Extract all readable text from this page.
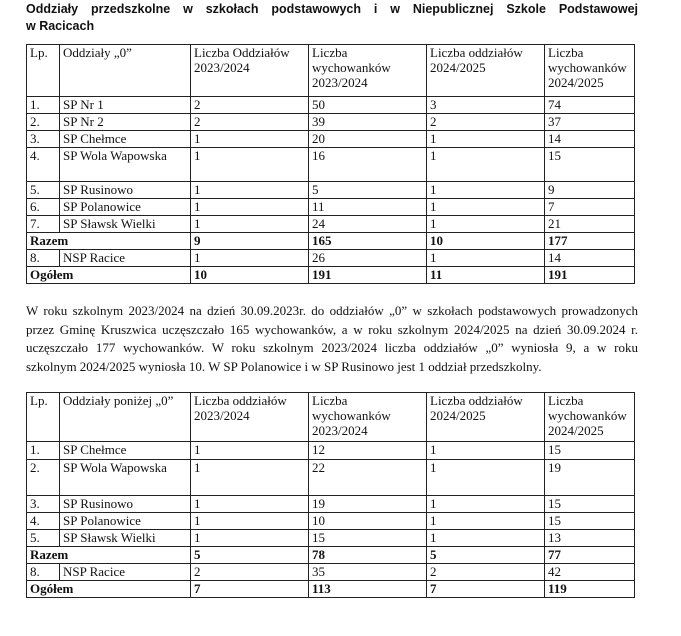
Oddziały przedszkolne w szkołach podstawowych i w Niepublicznej Szkole Podstawowej
w Racicach
Lp.	Oddziały „0”	Liczba Oddziałów 2023/2024	Liczba wychowanków 2023/2024	Liczba oddziałów 2024/2025	Liczba wychowanków 2024/2025
1.	SP Nr 1	2	50	3	74
2.	SP Nr 2	2	39	2	37
3.	SP Chełmce	1	20	1	14
4.	SP Wola Wapowska	1	16	1	15
5.	SP Rusinowo	1	5	1	9
6.	SP Polanowice	1	11	1	7
7.	SP Sławsk Wielki	1	24	1	21
Razem		9	165	10	177
8.	NSP Racice	1	26	1	14
Ogółem		10	191	11	191
W roku szkolnym 2023/2024 na dzień 30.09.2023r. do oddziałów „0” w szkołach podstawowych prowadzonych
przez Gminę Kruszwica uczęszczało 165 wychowanków, a w roku szkolnym 2024/2025 na dzień 30.09.2024 r.
uczęszczało 177 wychowanków. W roku szkolnym 2023/2024 liczba oddziałów „0” wyniosła 9, a w roku
szkolnym 2024/2025 wyniosła 10. W SP Polanowice i w SP Rusinowo jest 1 oddział przedszkolny.
Lp.	Oddziały poniżej „0”	Liczba oddziałów 2023/2024	Liczba wychowanków 2023/2024	Liczba oddziałów 2024/2025	Liczba wychowanków 2024/2025
1.	SP Chełmce	1	12	1	15
2.	SP Wola Wapowska	1	22	1	19
3.	SP Rusinowo	1	19	1	15
4.	SP Polanowice	1	10	1	15
5.	SP Sławsk Wielki	1	15	1	13
Razem		5	78	5	77
8.	NSP Racice	2	35	2	42
Ogółem		7	113	7	119
